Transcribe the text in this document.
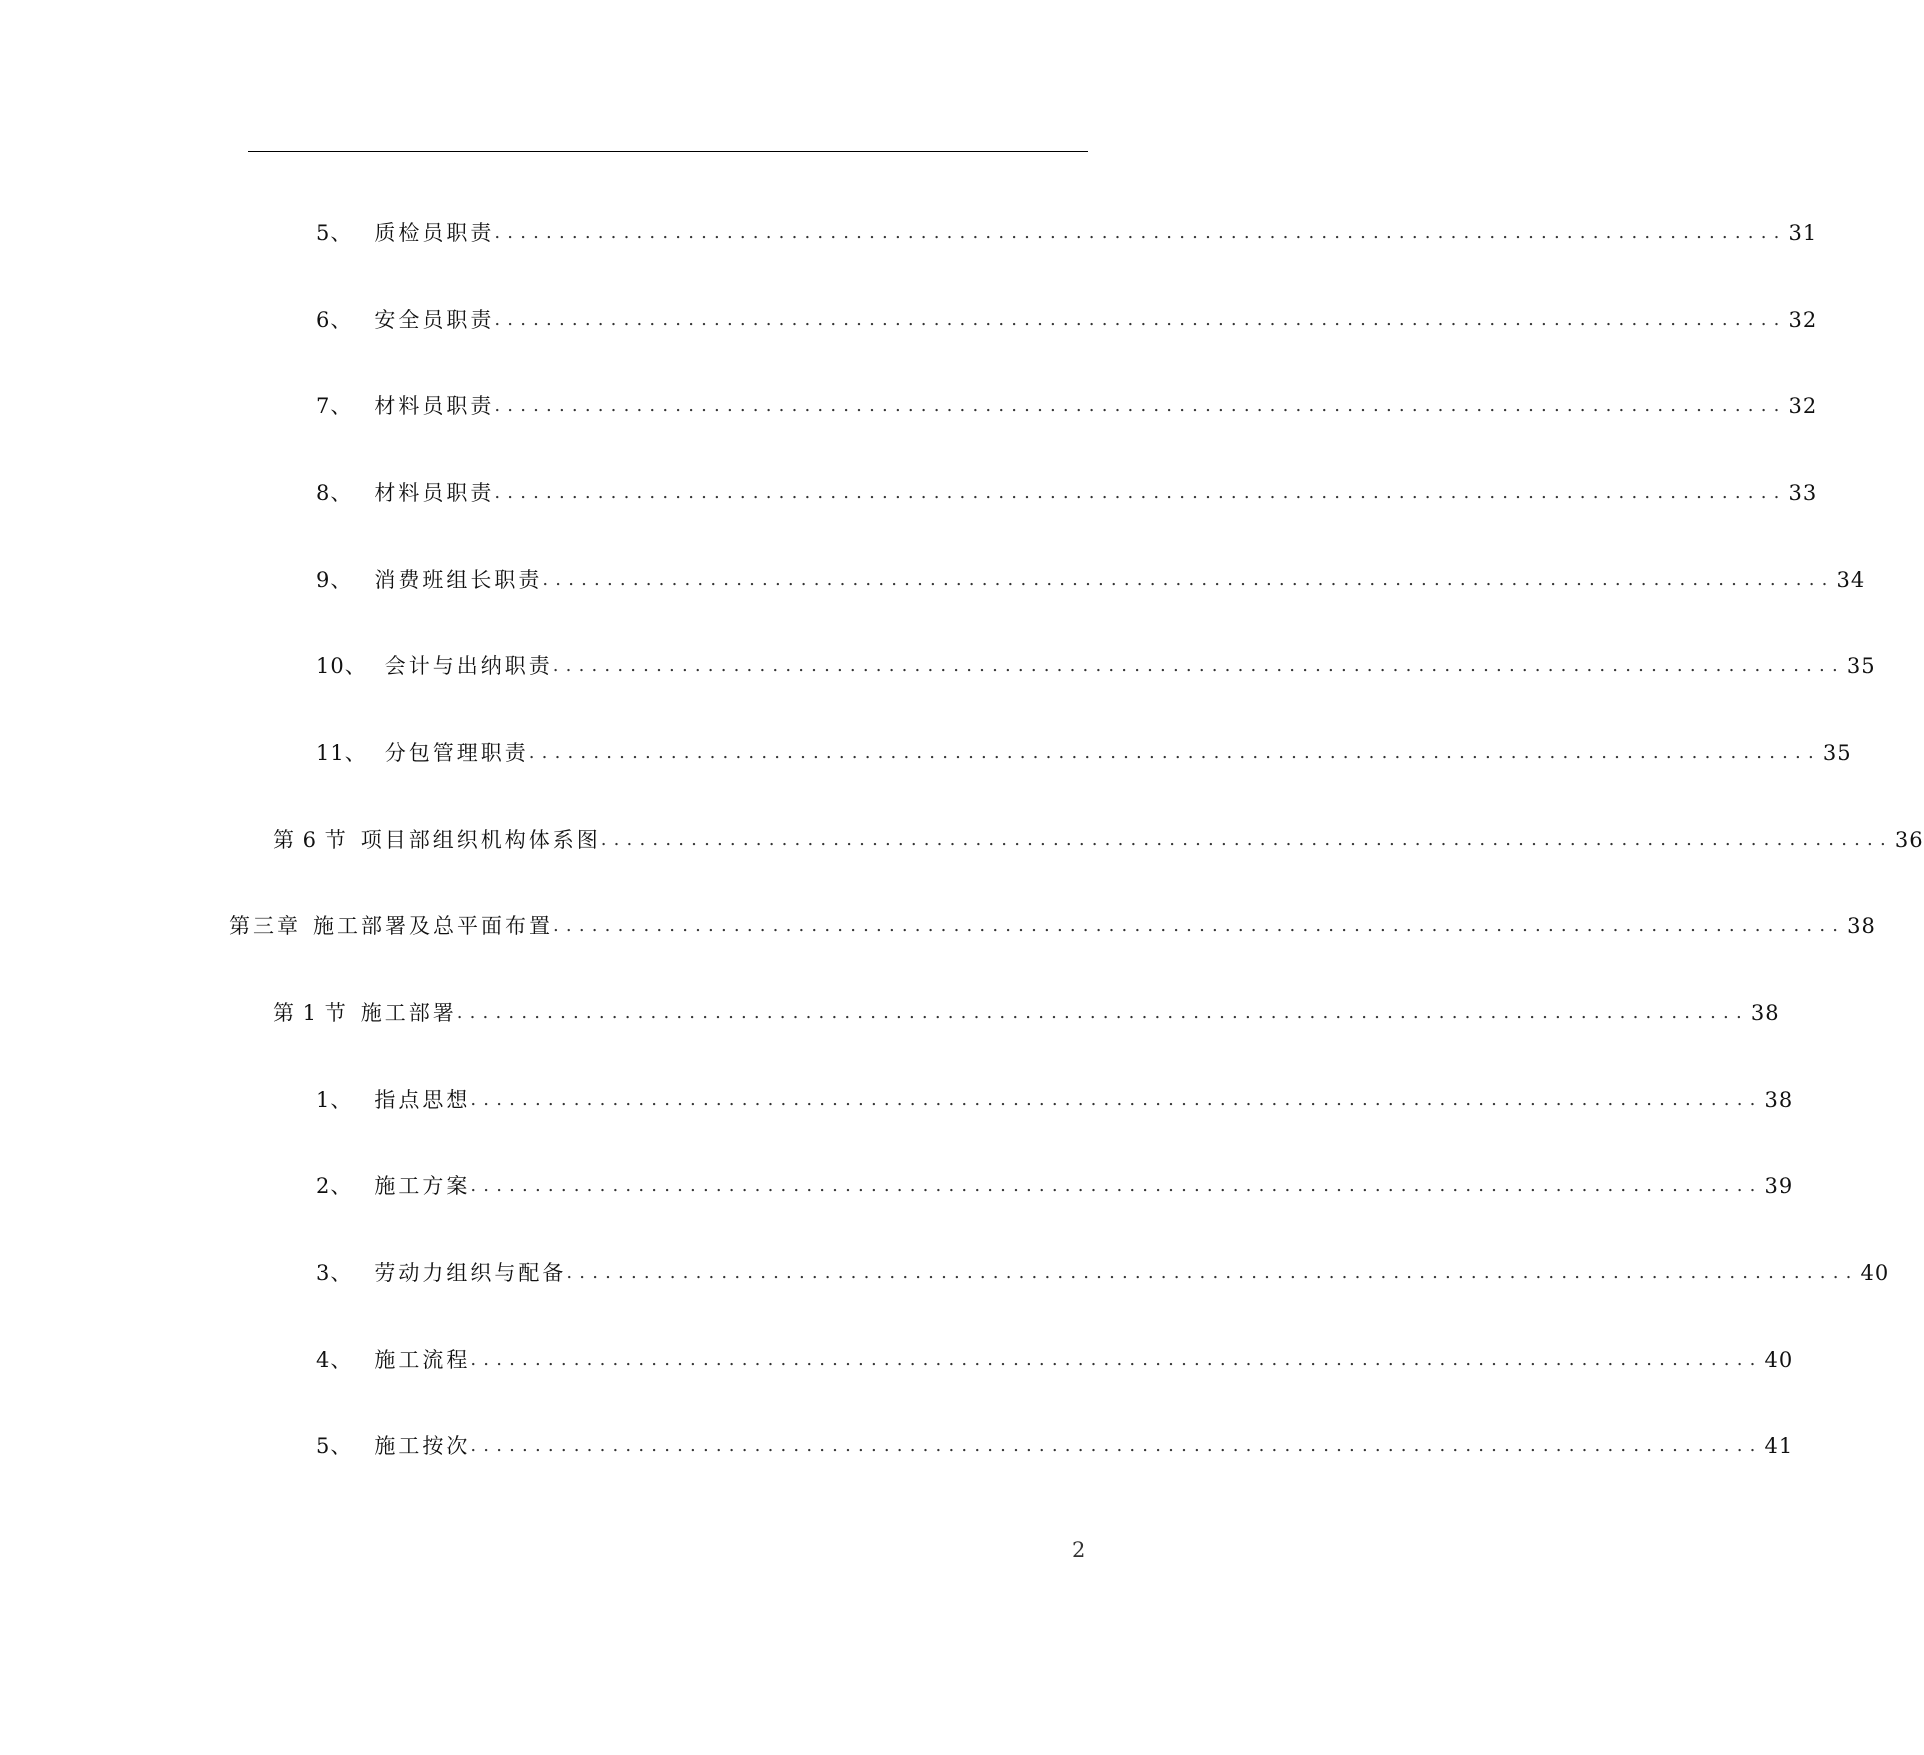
5、 质检员职责 .................................................................................................... 31
6、 安全员职责 .................................................................................................... 32
7、 材料员职责 .................................................................................................... 32
8、 材料员职责 .................................................................................................... 33
9、 消费班组长职责 .................................................................................................... 34
10、 会计与出纳职责 .................................................................................................... 35
11、 分包管理职责 .................................................................................................... 35
第 6 节 项目部组织机构体系图 .................................................................................................... 36
第三章 施工部署及总平面布置 .................................................................................................... 38
第 1 节 施工部署 .................................................................................................... 38
1、 指点思想 .................................................................................................... 38
2、 施工方案 .................................................................................................... 39
3、 劳动力组织与配备 .................................................................................................... 40
4、 施工流程 .................................................................................................... 40
5、 施工按次 .................................................................................................... 41
2
